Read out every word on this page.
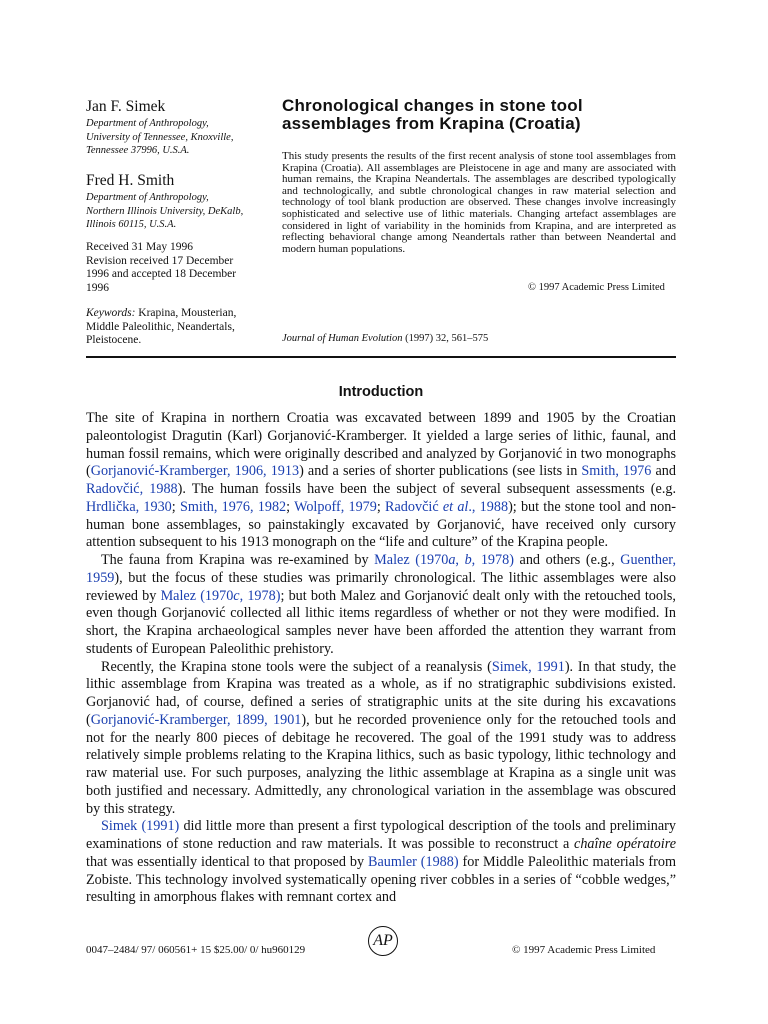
Jan F. Simek
Department of Anthropology,
University of Tennessee, Knoxville,
Tennessee 37996, U.S.A.
Fred H. Smith
Department of Anthropology,
Northern Illinois University, DeKalb,
Illinois 60115, U.S.A.
Received 31 May 1996
Revision received 17 December
1996 and accepted 18 December
1996
Keywords: Krapina, Mousterian,
Middle Paleolithic, Neandertals,
Pleistocene.
Chronological changes in stone tool
assemblages from Krapina (Croatia)
This study presents the results of the first recent analysis of stone tool assemblages from Krapina (Croatia). All assemblages are Pleistocene in age and many are associated with human remains, the Krapina Neandertals. The assemblages are described typologically and technologically, and subtle chronological changes in raw material selection and technology of tool blank production are observed. These changes involve increasingly sophisticated and selective use of lithic materials. Changing artefact assemblages are considered in light of variability in the hominids from Krapina, and are interpreted as reflecting behavioral change among Neandertals rather than between Neandertal and modern human populations.
© 1997 Academic Press Limited
Journal of Human Evolution (1997) 32, 561–575
Introduction

The site of Krapina in northern Croatia was excavated between 1899 and 1905 by the Croatian paleontologist Dragutin (Karl) Gorjanović-Kramberger. It yielded a large series of lithic, faunal, and human fossil remains, which were originally described and analyzed by Gorjanović in two monographs (Gorjanović-Kramberger, 1906, 1913) and a series of shorter publications (see lists in Smith, 1976 and Radovčić, 1988). The human fossils have been the subject of several subsequent assessments (e.g. Hrdlička, 1930; Smith, 1976, 1982; Wolpoff, 1979; Radovčić et al., 1988); but the stone tool and non-human bone assemblages, so painstakingly excavated by Gorjanović, have received only cursory attention subsequent to his 1913 monograph on the “life and culture” of the Krapina people.

The fauna from Krapina was re-examined by Malez (1970a, b, 1978) and others (e.g., Guenther, 1959), but the focus of these studies was primarily chronological. The lithic assemblages were also reviewed by Malez (1970c, 1978); but both Malez and Gorjanović dealt only with the retouched tools, even though Gorjanović collected all lithic items regardless of whether or not they were modified. In short, the Krapina archaeological samples never have been afforded the attention they warrant from students of European Paleolithic prehistory.

Recently, the Krapina stone tools were the subject of a reanalysis (Simek, 1991). In that study, the lithic assemblage from Krapina was treated as a whole, as if no stratigraphic subdivisions existed. Gorjanović had, of course, defined a series of stratigraphic units at the site during his excavations (Gorjanović-Kramberger, 1899, 1901), but he recorded provenience only for the retouched tools and not for the nearly 800 pieces of debitage he recovered. The goal of the 1991 study was to address relatively simple problems relating to the Krapina lithics, such as basic typology, lithic technology and raw material use. For such purposes, analyzing the lithic assemblage at Krapina as a single unit was both justified and necessary. Admittedly, any chronological variation in the assemblage was obscured by this strategy.

Simek (1991) did little more than present a first typological description of the tools and preliminary examinations of stone reduction and raw materials. It was possible to reconstruct a chaîne opératoire that was essentially identical to that proposed by Baumler (1988) for Middle Paleolithic materials from Zobiste. This technology involved systematically opening river cobbles in a series of “cobble wedges,” resulting in amorphous flakes with remnant cortex and

0047–2484/ 97/ 060561+ 15 $25.00/ 0/ hu960129
AP
© 1997 Academic Press Limited
